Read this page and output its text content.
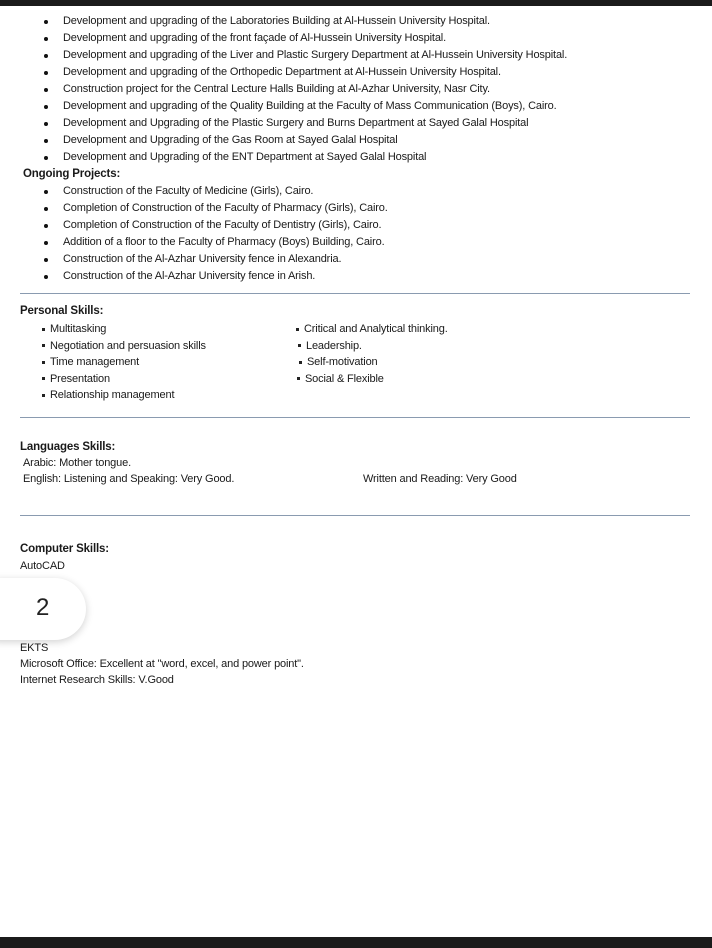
Development and upgrading of the Laboratories Building at Al-Hussein University Hospital.
Development and upgrading of the front façade of Al-Hussein University Hospital.
Development and upgrading of the Liver and Plastic Surgery Department at Al-Hussein University Hospital.
Development and upgrading of the Orthopedic Department at Al-Hussein University Hospital.
Construction project for the Central Lecture Halls Building at Al-Azhar University, Nasr City.
Development and upgrading of the Quality Building at the Faculty of Mass Communication (Boys), Cairo.
Development and Upgrading of the Plastic Surgery and Burns Department at Sayed Galal Hospital
Development and Upgrading of the Gas Room at Sayed Galal Hospital
Development and Upgrading of the ENT Department at Sayed Galal Hospital
Ongoing Projects:
Construction of the Faculty of Medicine (Girls), Cairo.
Completion of Construction of the Faculty of Pharmacy (Girls), Cairo.
Completion of Construction of the Faculty of Dentistry (Girls), Cairo.
Addition of a floor to the Faculty of Pharmacy (Boys) Building, Cairo.
Construction of the Al-Azhar University fence in Alexandria.
Construction of the Al-Azhar University fence in Arish.
Personal Skills:
Multitasking
Negotiation and persuasion skills
Time management
Presentation
Relationship management
Critical and Analytical thinking.
Leadership.
Self-motivation
Social & Flexible
Languages Skills:
Arabic: Mother tongue.
English: Listening and Speaking: Very Good.	Written and Reading: Very Good
Computer Skills:
AutoCAD
2
EKTS
Microsoft Office: Excellent at "word, excel, and power point".
Internet Research Skills: V.Good
